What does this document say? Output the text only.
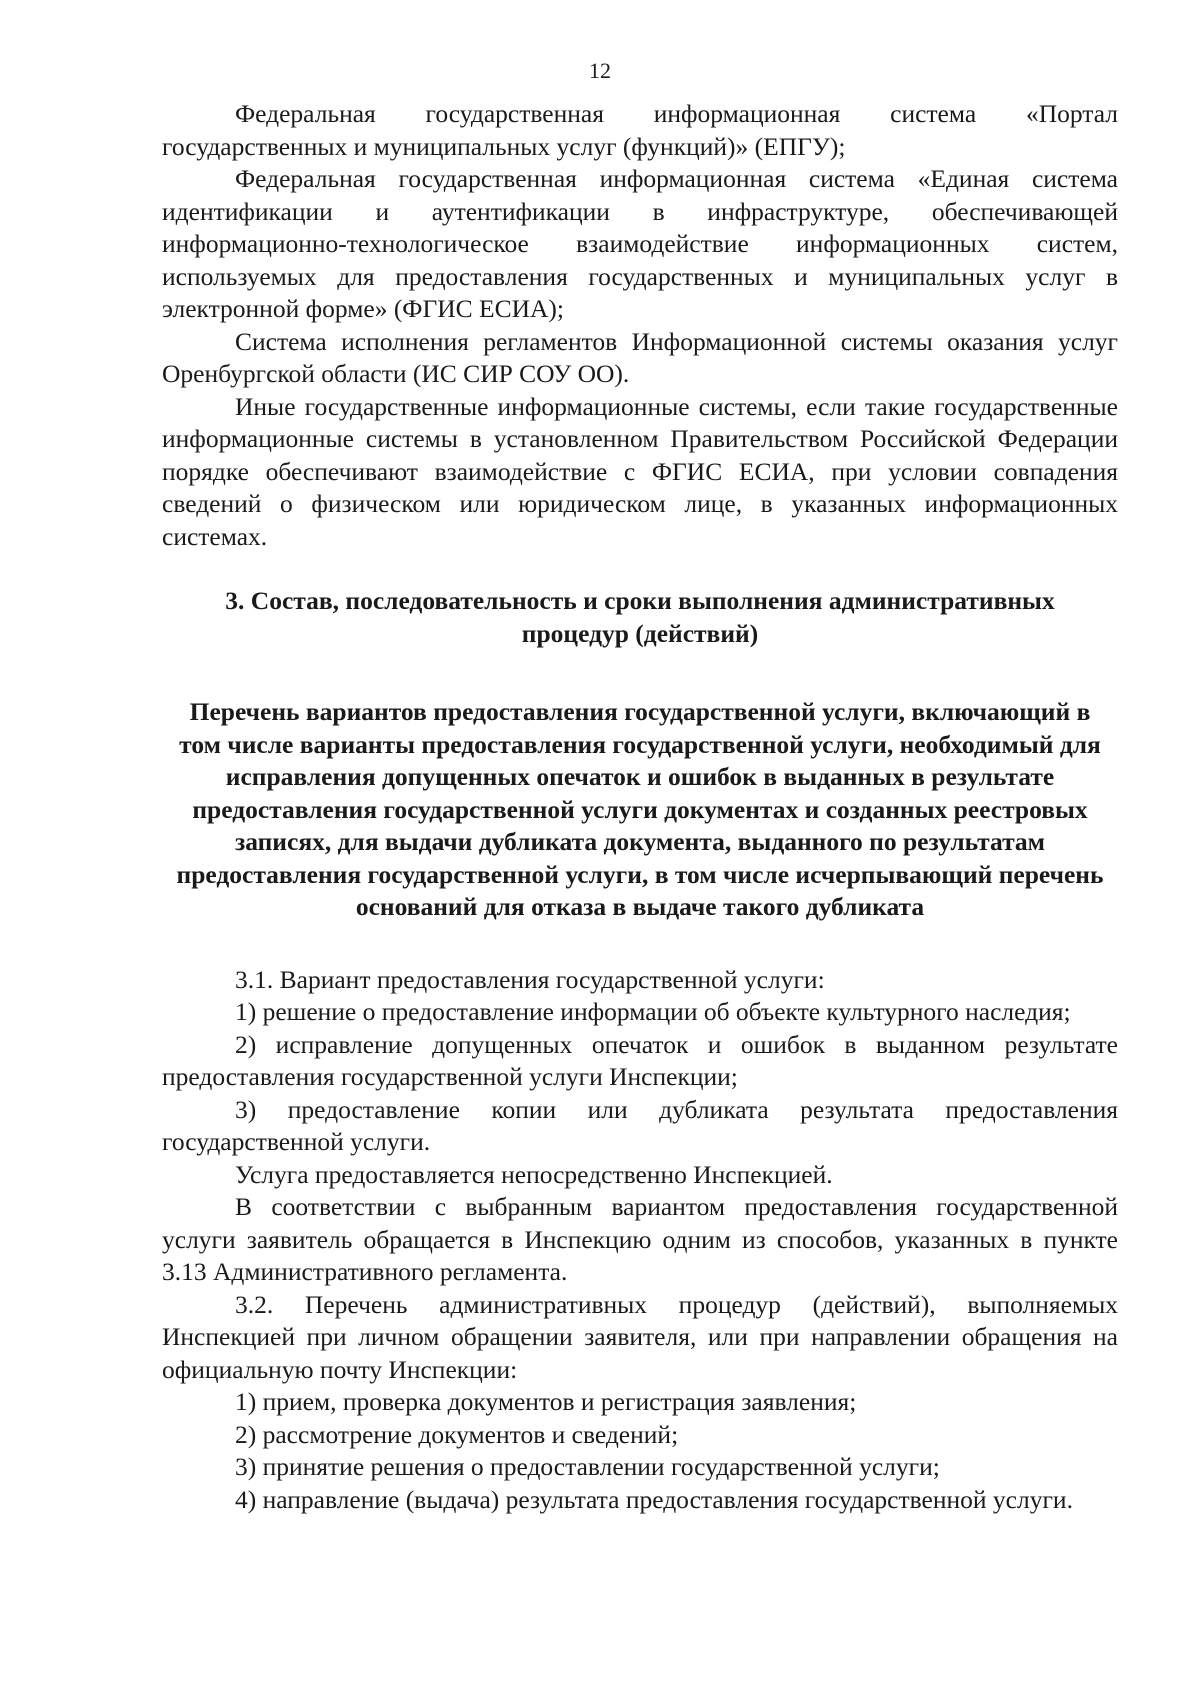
12

Федеральная государственная информационная система «Портал государственных и муниципальных услуг (функций)» (ЕПГУ);

Федеральная государственная информационная система «Единая система идентификации и аутентификации в инфраструктуре, обеспечивающей информационно-технологическое взаимодействие информационных систем, используемых для предоставления государственных и муниципальных услуг в электронной форме» (ФГИС ЕСИА);

Система исполнения регламентов Информационной системы оказания услуг Оренбургской области (ИС СИР СОУ ОО).

Иные государственные информационные системы, если такие государственные информационные системы в установленном Правительством Российской Федерации порядке обеспечивают взаимодействие с ФГИС ЕСИА, при условии совпадения сведений о физическом или юридическом лице, в указанных информационных системах.

3. Состав, последовательность и сроки выполнения административных процедур (действий)
Перечень вариантов предоставления государственной услуги, включающий в том числе варианты предоставления государственной услуги, необходимый для исправления допущенных опечаток и ошибок в выданных в результате предоставления государственной услуги документах и созданных реестровых записях, для выдачи дубликата документа, выданного по результатам предоставления государственной услуги, в том числе исчерпывающий перечень оснований для отказа в выдаче такого дубликата

3.1. Вариант предоставления государственной услуги:

1) решение о предоставление информации об объекте культурного наследия;

2) исправление допущенных опечаток и ошибок в выданном результате предоставления государственной услуги Инспекции;

3) предоставление копии или дубликата результата предоставления государственной услуги.

Услуга предоставляется непосредственно Инспекцией.

В соответствии с выбранным вариантом предоставления государственной услуги заявитель обращается в Инспекцию одним из способов, указанных в пункте 3.13 Административного регламента.

3.2. Перечень административных процедур (действий), выполняемых Инспекцией при личном обращении заявителя, или при направлении обращения на официальную почту Инспекции:

1) прием, проверка документов и регистрация заявления;

2) рассмотрение документов и сведений;

3) принятие решения о предоставлении государственной услуги;

4) направление (выдача) результата предоставления государственной услуги.
